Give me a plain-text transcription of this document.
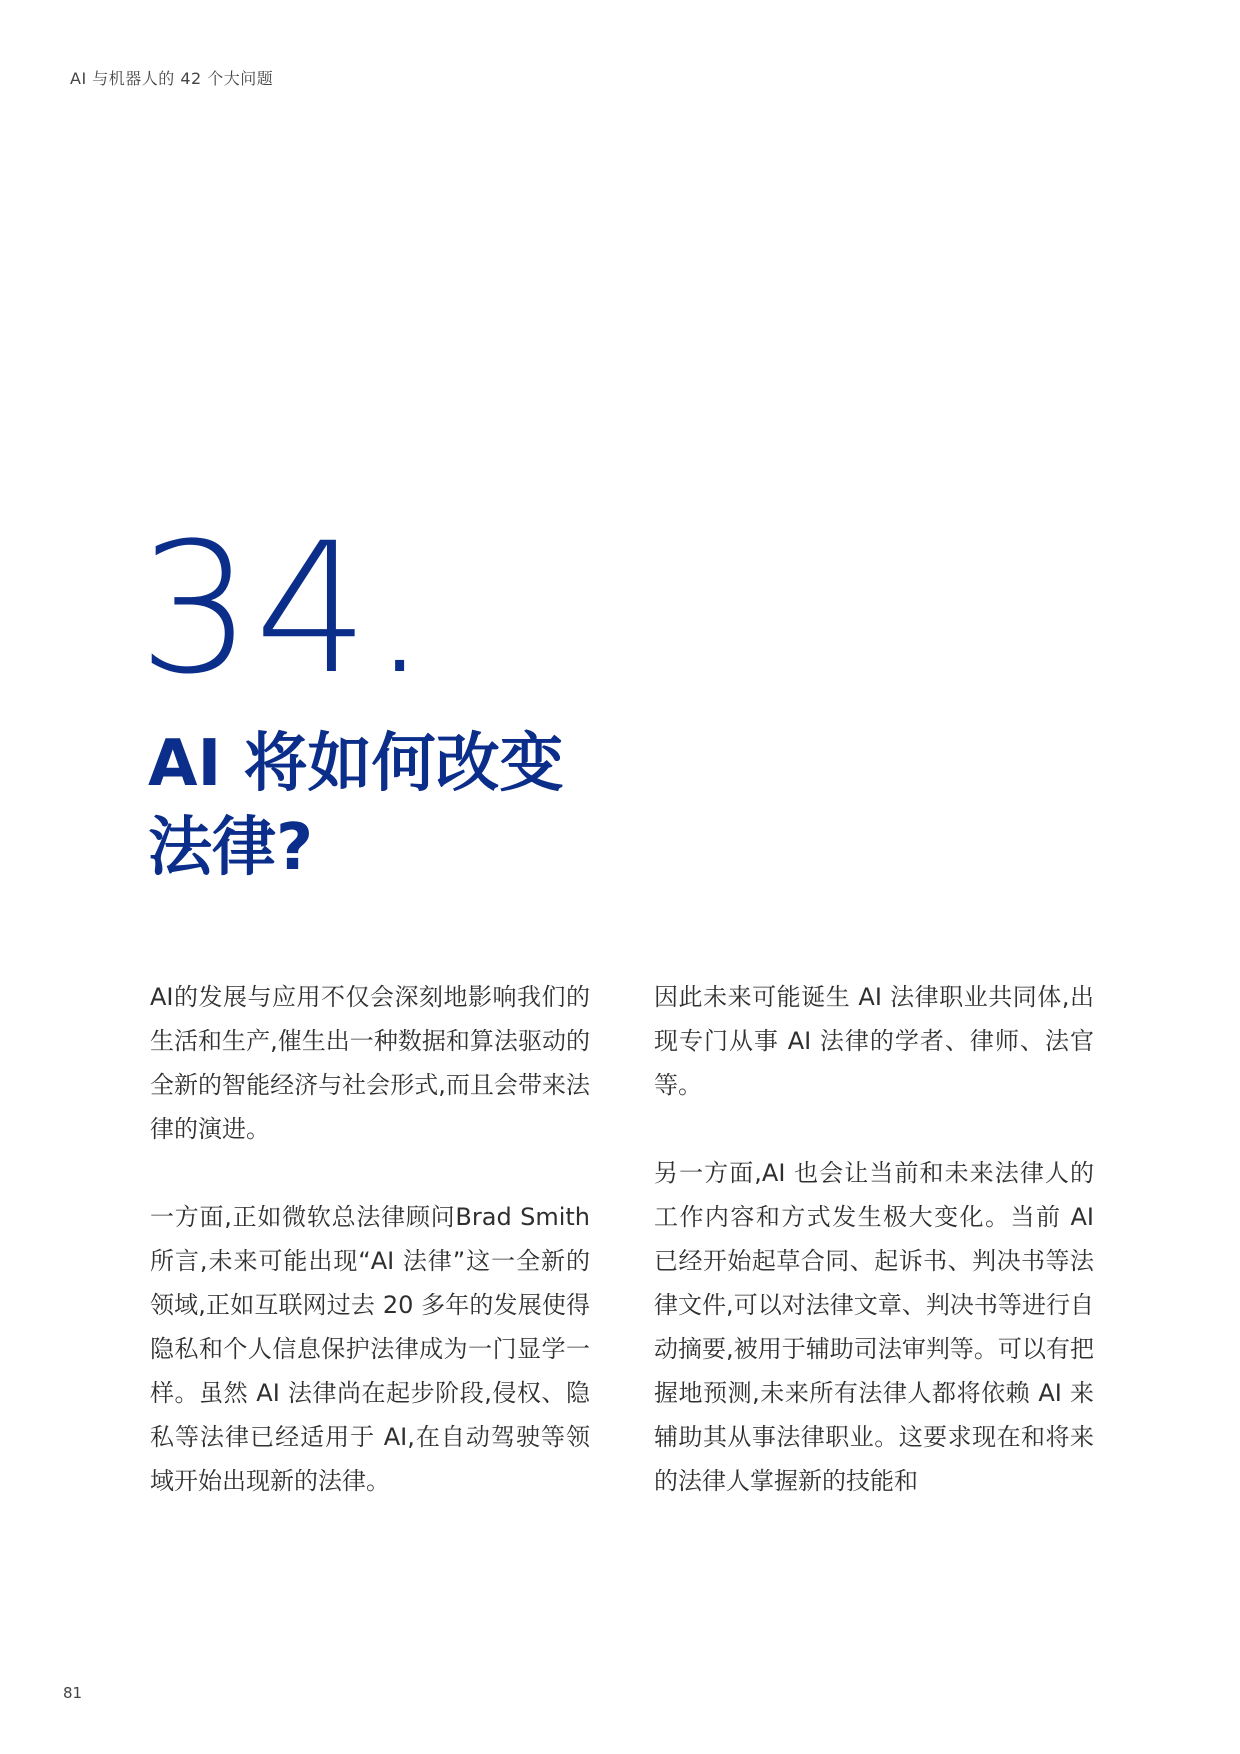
AI 与机器人的 42 个大问题
34.
AI 将如何改变
法律?

AI的发展与应用不仅会深刻地影响我们的生活和生产,催生出一种数据和算法驱动的全新的智能经济与社会形式,而且会带来法律的演进。

一方面,正如微软总法律顾问Brad Smith 所言,未来可能出现“AI 法律”这一全新的领域,正如互联网过去 20 多年的发展使得隐私和个人信息保护法律成为一门显学一样。虽然 AI 法律尚在起步阶段,侵权、隐私等法律已经适用于 AI,在自动驾驶等领域开始出现新的法律。

因此未来可能诞生 AI 法律职业共同体,出现专门从事 AI 法律的学者、律师、法官等。

另一方面,AI 也会让当前和未来法律人的工作内容和方式发生极大变化。当前 AI 已经开始起草合同、起诉书、判决书等法律文件,可以对法律文章、判决书等进行自动摘要,被用于辅助司法审判等。可以有把握地预测,未来所有法律人都将依赖 AI 来辅助其从事法律职业。这要求现在和将来的法律人掌握新的技能和

81
